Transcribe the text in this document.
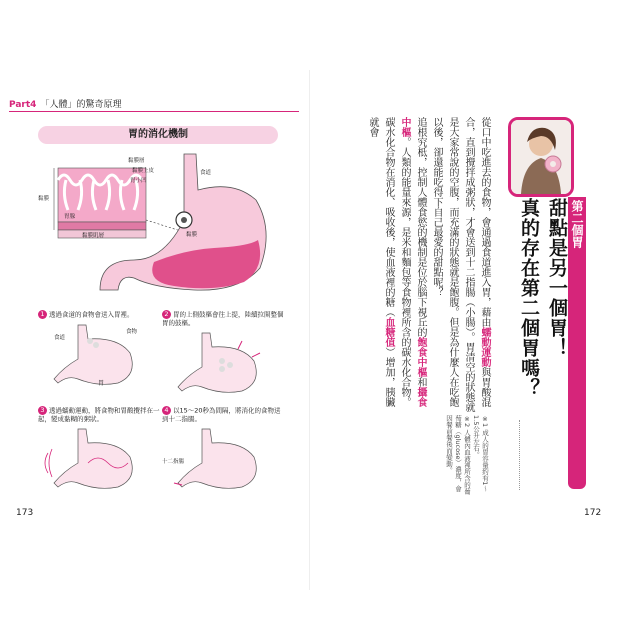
Part4 「人體」的驚奇原理
胃的消化機制
黏膜層
黏膜上皮
胃小凹
黏膜
胃腺
黏膜肌層
食道
黏膜
1 透過食道的食物會送入胃裡。
食道
食物
胃
2 胃的上側鼓樞會往上提，陸續拉開整個胃的鼓樞。
3 透過蠕動運動，將食物和胃酸攪拌在一起，變成黏糊的粥狀。
4 以15～20秒為間隔，將消化的食物送到十二指腸。
十二指腸
173
第二個胃
甜點是另一個胃！
真的存在第二個胃嗎？
從口中吃進去的食物，會通過食道進入胃，藉由蠕動運動與胃酸混合，直到攪拌成粥狀，才會送到十二指腸（小腸）。胃清空的狀態就是大家常說的空腹，而充滿的狀態就是飽腹。但是為什麼人在吃飽以後，卻還能吃得下自己最愛的甜點呢？
追根究柢，控制人體食慾的機制是位於腦下視丘的飽食中樞和攝食中樞。人類的能量來源，是米和麵包等食物裡所含的碳水化合物。碳水化合物在消化、吸收後，使血液裡的糖（血糖值）增加，胰臟就會
※1 成人的胃容量約有1～1.5公升左右。
※2 人體內血液裡所含的葡萄糖（glucose）濃度，會因餐前餐後而變動。
172
